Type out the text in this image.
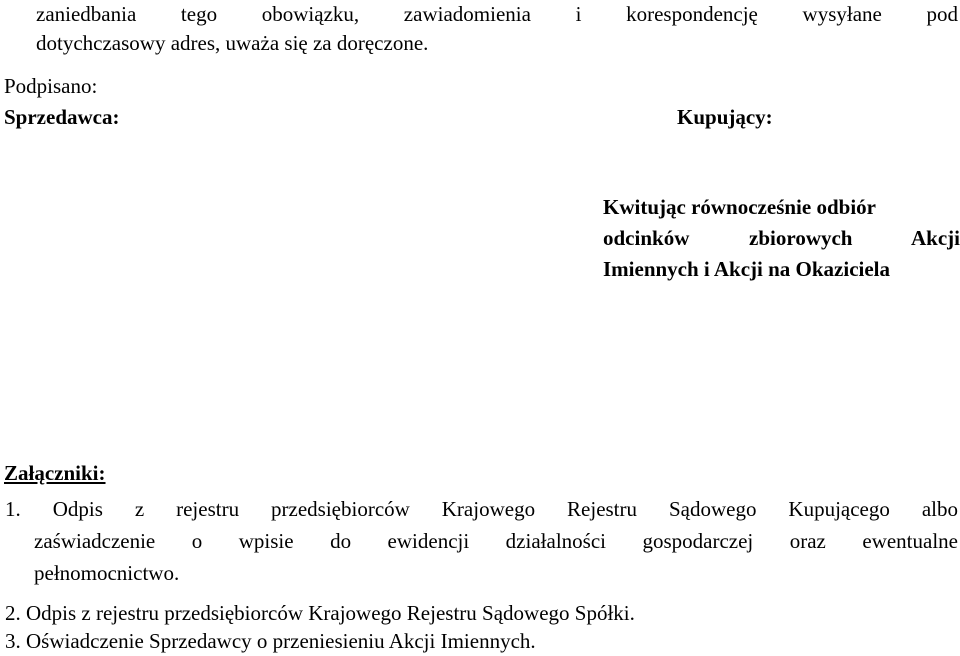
zaniedbania tego obowiązku, zawiadomienia i korespondencję wysyłane pod
dotychczasowy adres, uważa się za doręczone.
Podpisano:
Sprzedawca:	Kupujący:
Kwitując równocześnie odbiór
odcinków zbiorowych Akcji
Imiennych i Akcji na Okaziciela
Załączniki:
1. Odpis z rejestru przedsiębiorców Krajowego Rejestru Sądowego Kupującego albo
zaświadczenie o wpisie do ewidencji działalności gospodarczej oraz ewentualne
pełnomocnictwo.
2. Odpis z rejestru przedsiębiorców Krajowego Rejestru Sądowego Spółki.
3. Oświadczenie Sprzedawcy o przeniesieniu Akcji Imiennych.
